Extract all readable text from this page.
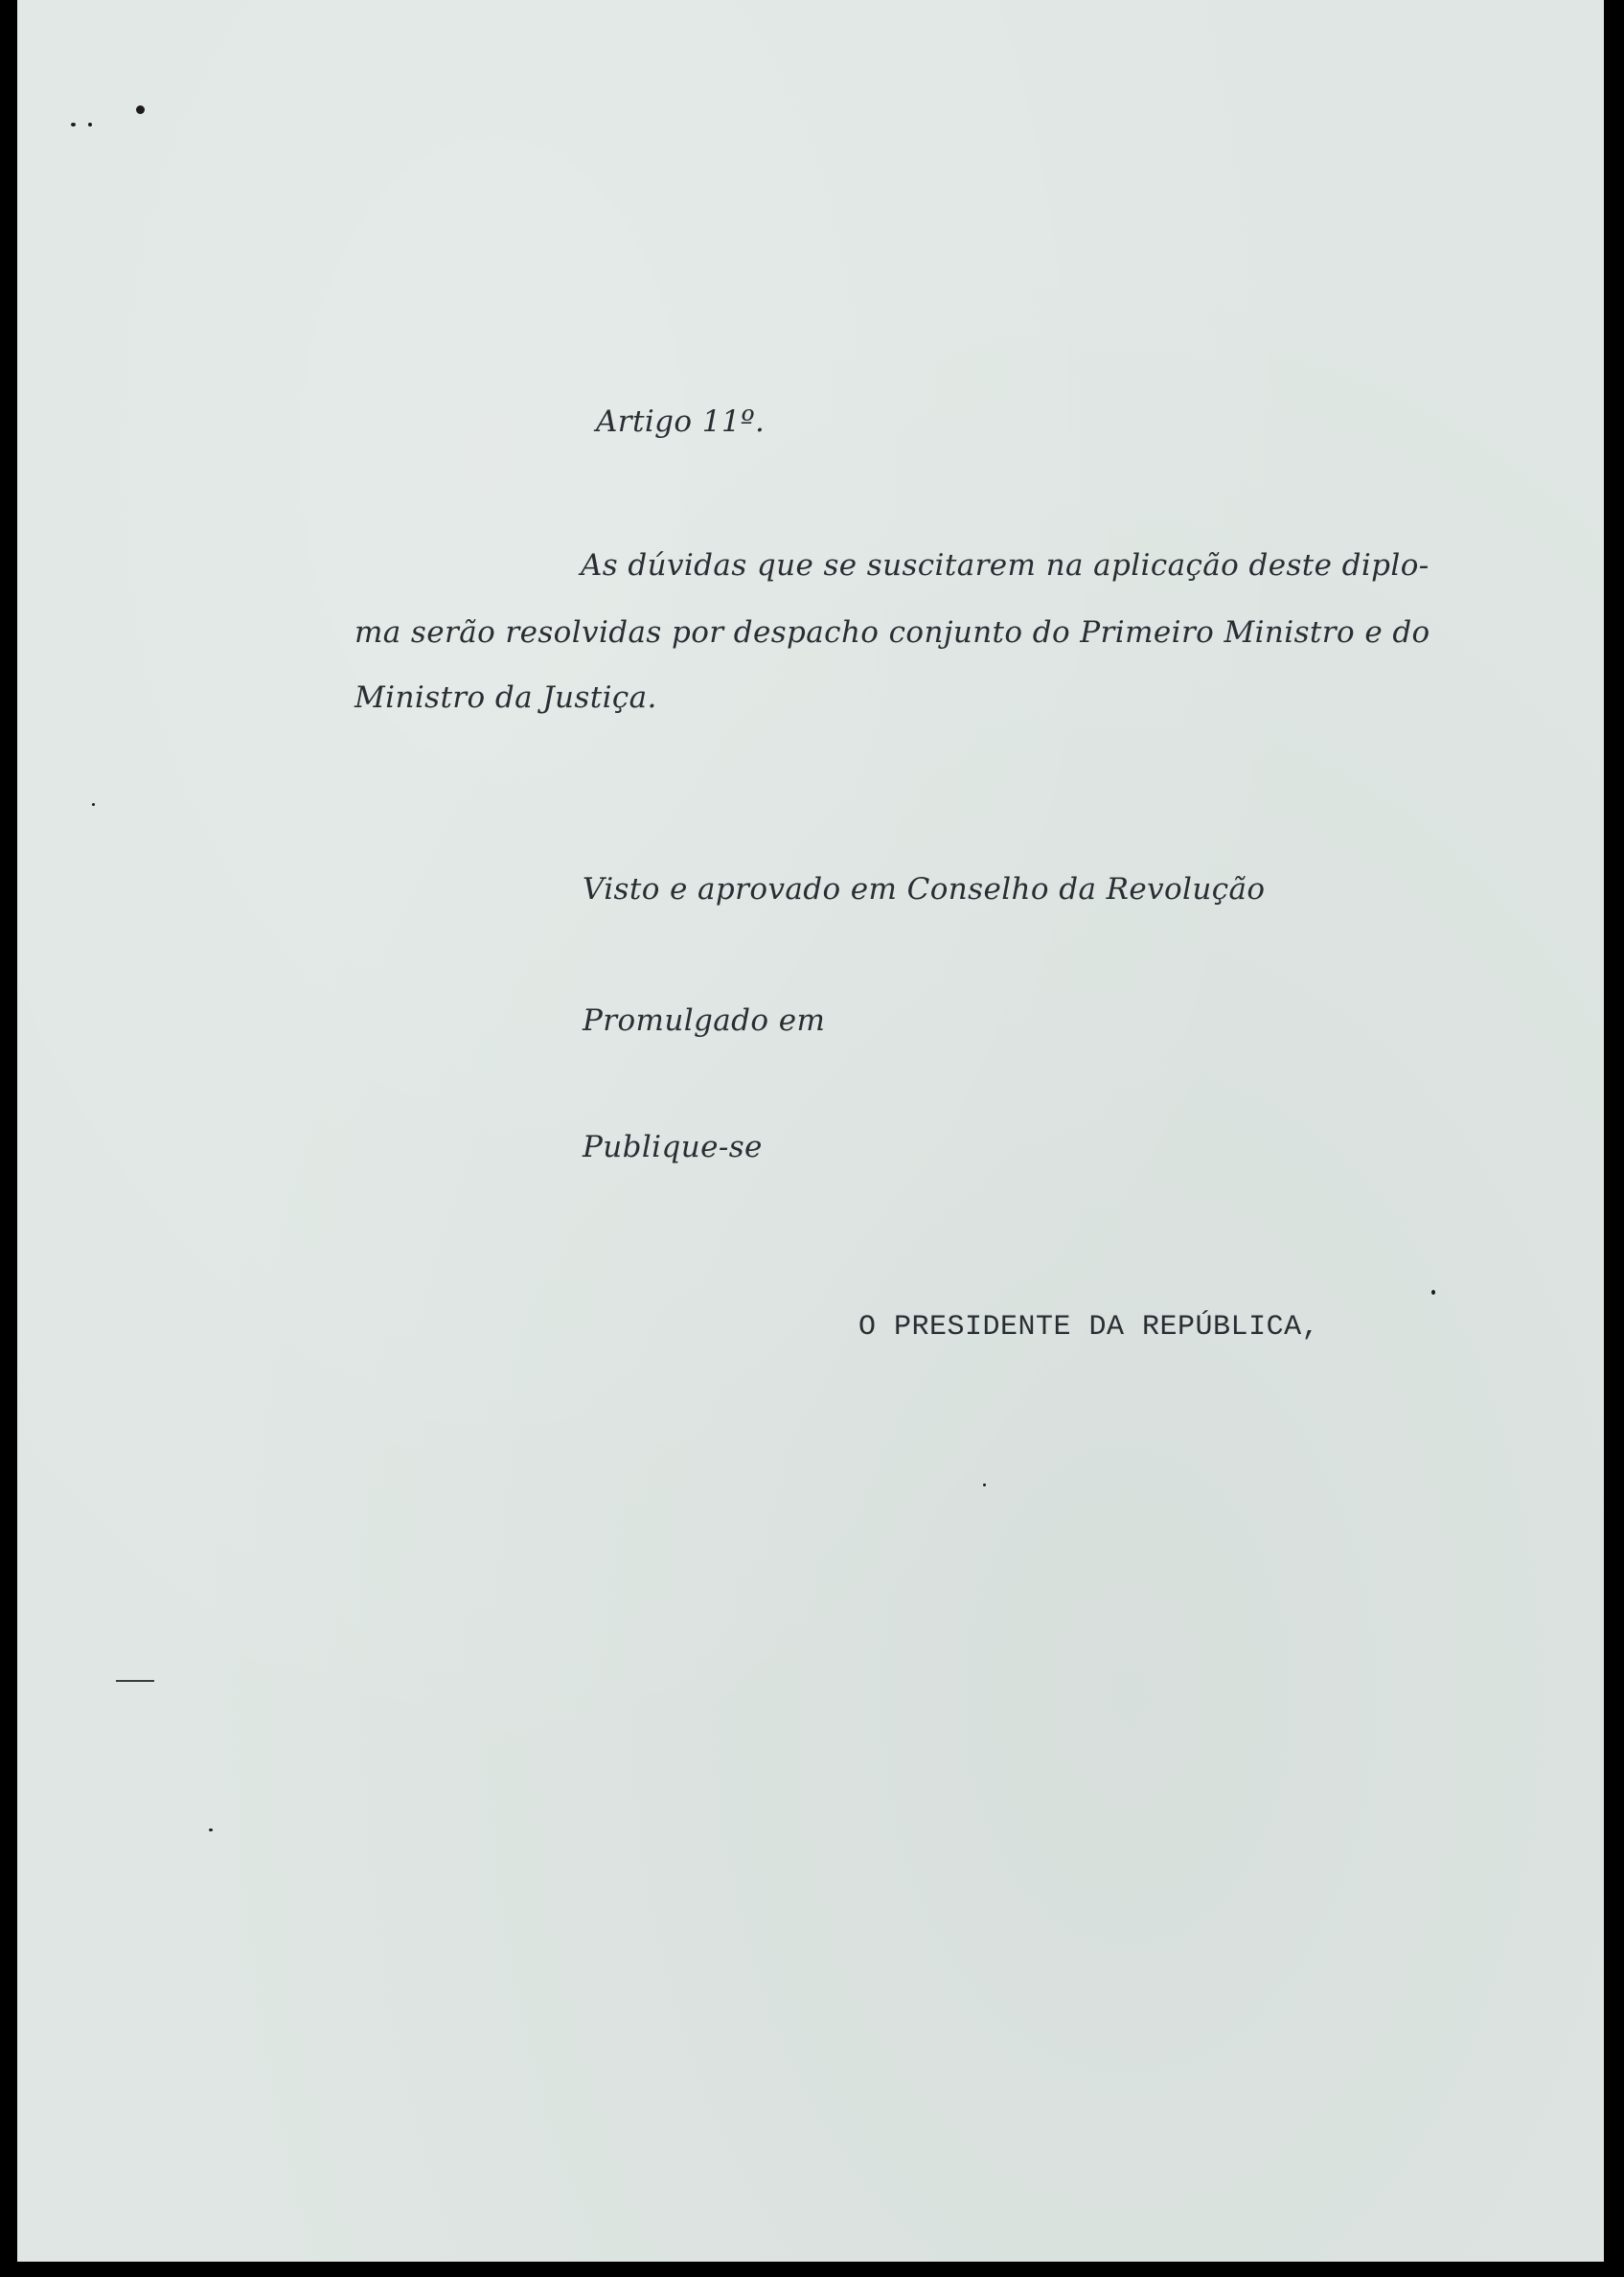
Artigo 11º.

As dúvidas que se suscitarem na aplicação deste diplo-

ma serão resolvidas por despacho conjunto do Primeiro Ministro e do

Ministro da Justiça.

Visto e aprovado em Conselho da Revolução

Promulgado em

Publique-se

O PRESIDENTE DA REPÚBLICA,
